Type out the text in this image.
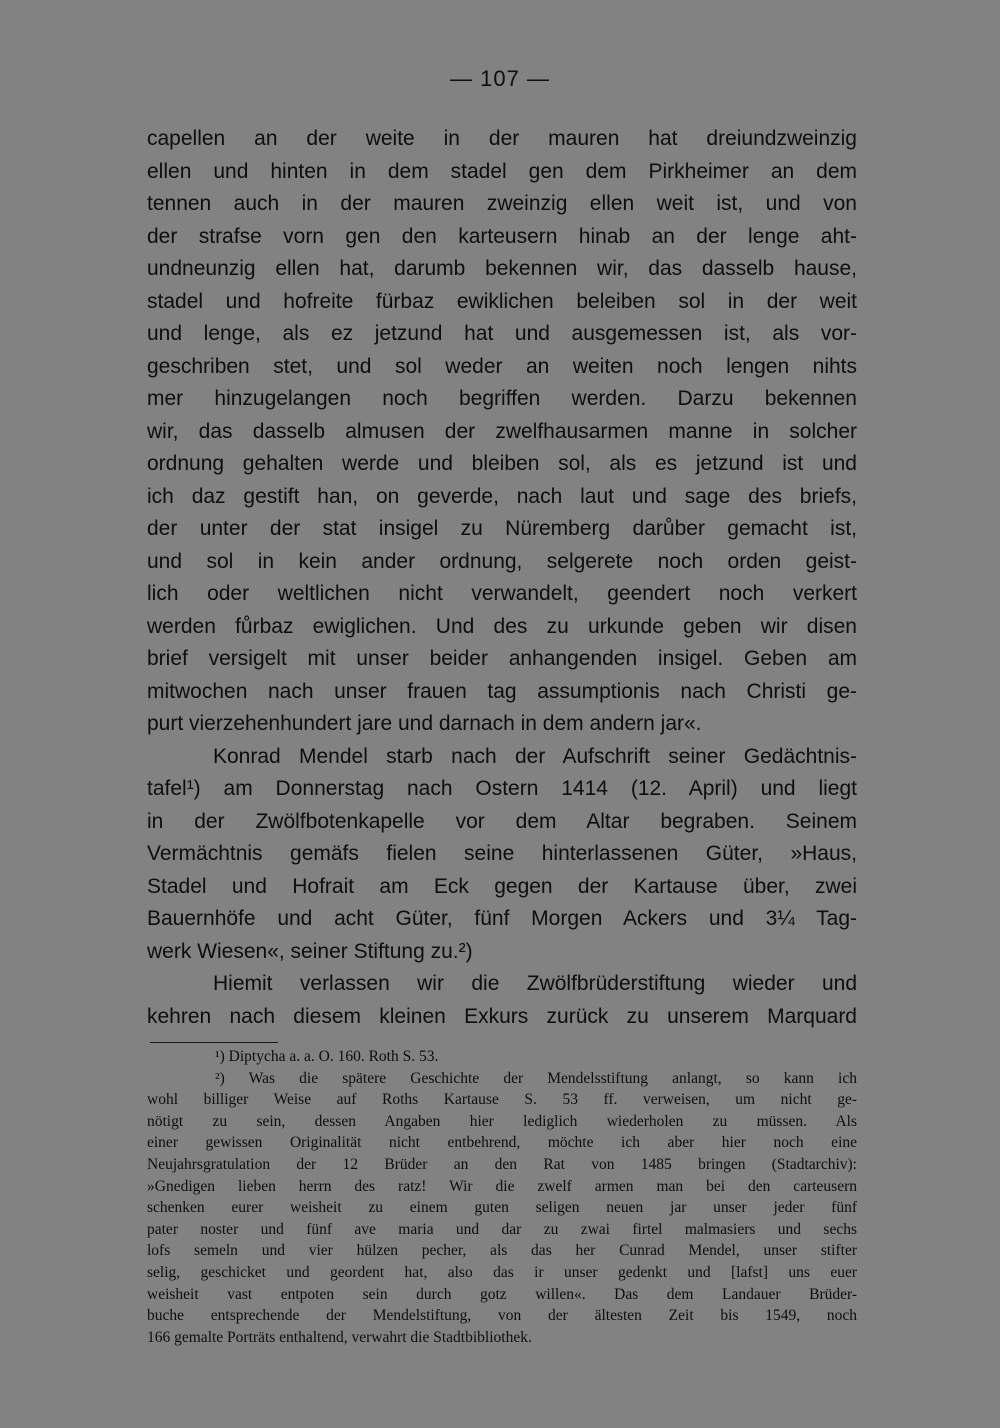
— 107 —
capellen an der weite in der mauren hat dreiundzweinzig
ellen und hinten in dem stadel gen dem Pirkheimer an dem
tennen auch in der mauren zweinzig ellen weit ist, und von
der strafse vorn gen den karteusern hinab an der lenge aht-
undneunzig ellen hat, darumb bekennen wir, das dasselb hause,
stadel und hofreite fürbaz ewiklichen beleiben sol in der weit
und lenge, als ez jetzund hat und ausgemessen ist, als vor-
geschriben stet, und sol weder an weiten noch lengen nihts
mer hinzugelangen noch begriffen werden. Darzu bekennen
wir, das dasselb almusen der zwelfhausarmen manne in solcher
ordnung gehalten werde und bleiben sol, als es jetzund ist und
ich daz gestift han, on geverde, nach laut und sage des briefs,
der unter der stat insigel zu Nüremberg darůber gemacht ist,
und sol in kein ander ordnung, selgerete noch orden geist-
lich oder weltlichen nicht verwandelt, geendert noch verkert
werden fůrbaz ewiglichen. Und des zu urkunde geben wir disen
brief versigelt mit unser beider anhangenden insigel. Geben am
mitwochen nach unser frauen tag assumptionis nach Christi ge-
purt vierzehenhundert jare und darnach in dem andern jar«.
Konrad Mendel starb nach der Aufschrift seiner Gedächtnis-
tafel¹) am Donnerstag nach Ostern 1414 (12. April) und liegt
in der Zwölfbotenkapelle vor dem Altar begraben. Seinem
Vermächtnis gemäfs fielen seine hinterlassenen Güter, »Haus,
Stadel und Hofrait am Eck gegen der Kartause über, zwei
Bauernhöfe und acht Güter, fünf Morgen Ackers und 3¼ Tag-
werk Wiesen«, seiner Stiftung zu.²)
Hiemit verlassen wir die Zwölfbrüderstiftung wieder und
kehren nach diesem kleinen Exkurs zurück zu unserem Marquard
¹) Diptycha a. a. O. 160. Roth S. 53.
²) Was die spätere Geschichte der Mendelsstiftung anlangt, so kann ich
wohl billiger Weise auf Roths Kartause S. 53 ff. verweisen, um nicht ge-
nötigt zu sein, dessen Angaben hier lediglich wiederholen zu müssen. Als
einer gewissen Originalität nicht entbehrend, möchte ich aber hier noch eine
Neujahrsgratulation der 12 Brüder an den Rat von 1485 bringen (Stadtarchiv):
»Gnedigen lieben herrn des ratz! Wir die zwelf armen man bei den carteusern
schenken eurer weisheit zu einem guten seligen neuen jar unser jeder fünf
pater noster und fünf ave maria und dar zu zwai firtel malmasiers und sechs
lofs semeln und vier hülzen pecher, als das her Cunrad Mendel, unser stifter
selig, geschicket und geordent hat, also das ir unser gedenkt und [lafst] uns euer
weisheit vast entpoten sein durch gotz willen«. Das dem Landauer Brüder-
buche entsprechende der Mendelstiftung, von der ältesten Zeit bis 1549, noch
166 gemalte Porträts enthaltend, verwahrt die Stadtbibliothek.
